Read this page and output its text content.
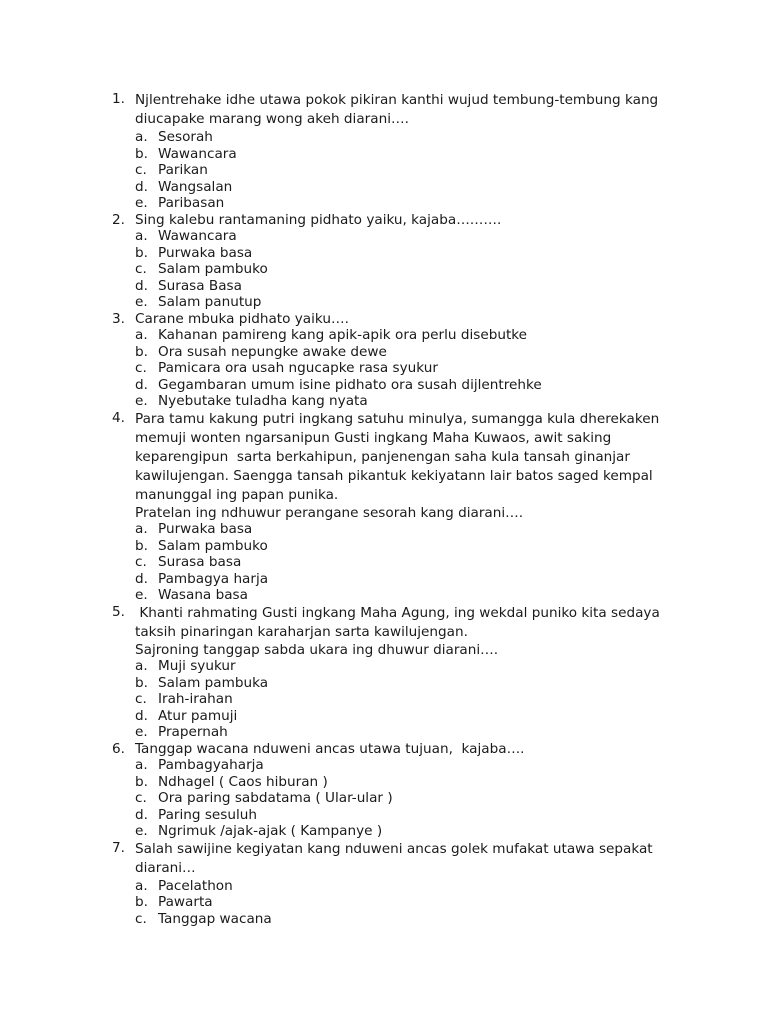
1. Njlentrehake idhe utawa pokok pikiran kanthi wujud tembung-tembung kang
diucapake marang wong akeh diarani….
a. Sesorah
b. Wawancara
c. Parikan
d. Wangsalan
e. Paribasan
2. Sing kalebu rantamaning pidhato yaiku, kajaba……….
a. Wawancara
b. Purwaka basa
c. Salam pambuko
d. Surasa Basa
e. Salam panutup
3. Carane mbuka pidhato yaiku….
a. Kahanan pamireng kang apik-apik ora perlu disebutke
b. Ora susah nepungke awake dewe
c. Pamicara ora usah ngucapke rasa syukur
d. Gegambaran umum isine pidhato ora susah dijlentrehke
e. Nyebutake tuladha kang nyata
4. Para tamu kakung putri ingkang satuhu minulya, sumangga kula dherekaken
memuji wonten ngarsanipun Gusti ingkang Maha Kuwaos, awit saking
keparengipun  sarta berkahipun, panjenengan saha kula tansah ginanjar
kawilujengan. Saengga tansah pikantuk kekiyatann lair batos saged kempal
manunggal ing papan punika.
Pratelan ing ndhuwur perangane sesorah kang diarani….
a. Purwaka basa
b. Salam pambuko
c. Surasa basa
d. Pambagya harja
e. Wasana basa
5. Khanti rahmating Gusti ingkang Maha Agung, ing wekdal puniko kita sedaya
taksih pinaringan karaharjan sarta kawilujengan.
Sajroning tanggap sabda ukara ing dhuwur diarani….
a. Muji syukur
b. Salam pambuka
c. Irah-irahan
d. Atur pamuji
e. Prapernah
6. Tanggap wacana nduweni ancas utawa tujuan,  kajaba….
a. Pambagyaharja
b. Ndhagel ( Caos hiburan )
c. Ora paring sabdatama ( Ular-ular )
d. Paring sesuluh
e. Ngrimuk /ajak-ajak ( Kampanye )
7. Salah sawijine kegiyatan kang nduweni ancas golek mufakat utawa sepakat
diarani…
a. Pacelathon
b. Pawarta
c. Tanggap wacana
